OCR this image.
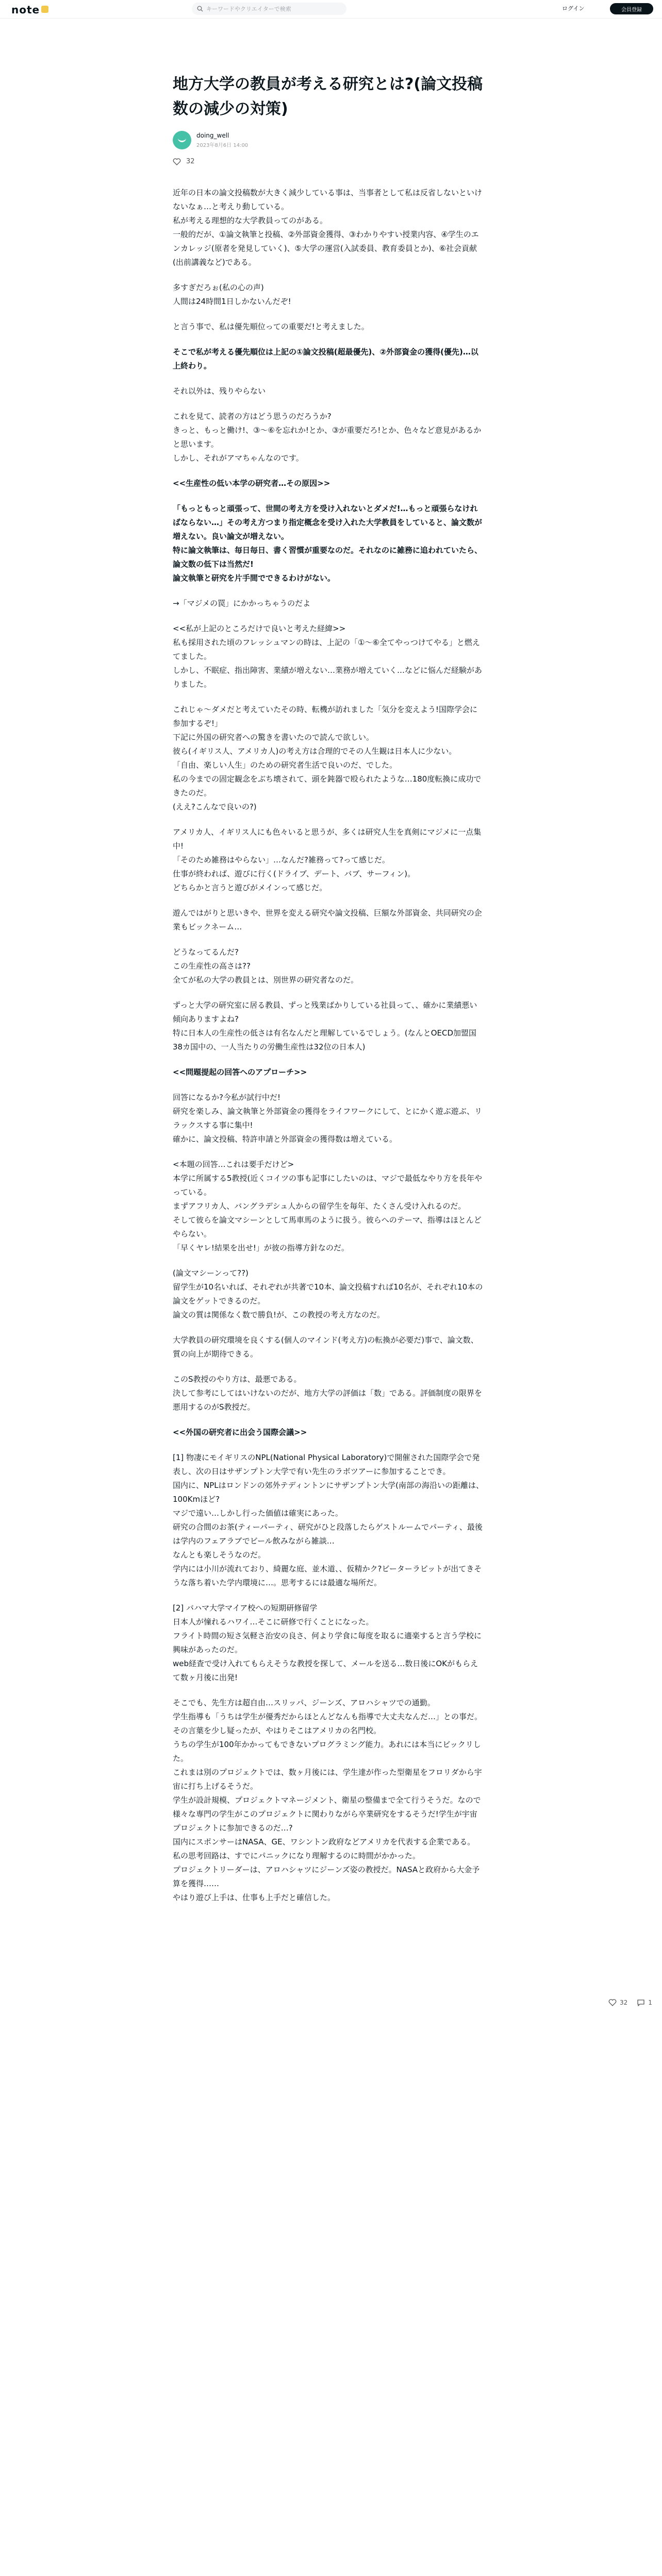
note	キーワードやクリエイターで検索	ログイン	会員登録
地方大学の教員が考える研究とは?(論文投稿数の減少の対策)
doing_well
2023年8月6日 14:00
32
近年の日本の論文投稿数が大きく減少している事は、当事者として私は反省しないといけないなぁ…と考えり動している。
私が考える理想的な大学教員ってのがある。
一般的だが、①論文執筆と投稿、②外部資金獲得、③わかりやすい授業内容、④学生のエンカレッジ(原者を発見していく)、⑤大学の運営(入試委員、教育委員とか)、⑥社会貢献(出前講義など)である。
多すぎだろぉ(私の心の声)
人間は24時間1日しかないんだぞ!
と言う事で、私は優先順位っての重要だ!と考えました。
そこで私が考える優先順位は上記の①論文投稿(超最優先)、②外部資金の獲得(優先)…以上終わり。
それ以外は、残りやらない
これを見て、読者の方はどう思うのだろうか?
きっと、もっと働け!、③〜⑥を忘れか!とか、③が重要だろ!とか、色々など意見があるかと思います。
しかし、それがアマちゃんなのです。
<<生産性の低い本学の研究者…その原因>>
「もっともっと頑張って、世間の考え方を受け入れないとダメだ!…もっと頑張らなければならない…」その考え方つまり指定概念を受け入れた大学教員をしていると、論文数が増えない。良い論文が増えない。
特に論文執筆は、毎日毎日、書く習慣が重要なのだ。それなのに雑務に追われていたら、論文数の低下は当然だ!
論文執筆と研究を片手間でできるわけがない。
→「マジメの罠」にかかっちゃうのだよ
<<私が上記のところだけで良いと考えた経緯>>
私も採用された頃のフレッシュマンの時は、上記の「①〜⑥全てやっつけてやる」と燃えてました。
しかし、不眠症、指出障害、業績が増えない…業務が増えていく…などに悩んだ経験がありました。
これじゃ〜ダメだと考えていたその時、転機が訪れました「気分を変えよう!国際学会に参加するぞ!」
下記に外国の研究者への驚きを書いたので読んで欲しい。
彼ら(イギリス人、アメリカ人)の考え方は合理的でその人生観は日本人に少ない。
「自由、楽しい人生」のための研究者生活で良いのだ、でした。
私の今までの固定観念をぶち壊されて、頭を鈍器で殴られたような…180度転換に成功できたのだ。
(ええ?こんなで良いの?)
アメリカ人、イギリス人にも色々いると思うが、多くは研究人生を真剣にマジメに一点集中!
「そのため雑務はやらない」…なんだ?雑務って?って感じだ。
仕事が終われば、遊びに行く(ドライブ、デート、バブ、サーフィン)。
どちらかと言うと遊びがメインって感じだ。
遊んではがりと思いきや、世界を変える研究や論文投稿、巨額な外部資金、共同研究の企業もビックネーム…
どうなってるんだ?
この生産性の高さは??
全てが私の大学の教員とは、別世界の研究者なのだ。
ずっと大学の研究室に居る教員、ずっと残業ばかりしている社員って、、確かに業績悪い傾向ありますよね?
特に日本人の生産性の低さは有名なんだと理解しているでしょう。(なんとOECD加盟国38カ国中の、一人当たりの労働生産性は32位の日本人)
<<問題提起の回答へのアプローチ>>
回答になるか?今私が試行中だ!
研究を楽しみ、論文執筆と外部資金の獲得をライフワークにして、とにかく遊ぶ遊ぶ、リラックスする事に集中!
確かに、論文投稿、特許申請と外部資金の獲得数は増えている。
<本題の回答…これは要手だけど>
本学に所属する5教授(近くコイツの事も記事にしたいのは、マジで最低なやり方を長年やっている。
まずアフリカ人、バングラデシュ人からの留学生を毎年、たくさん受け入れるのだ。
そして彼らを論文マシーンとして馬車馬のように扱う。彼らへのテーマ、指導はほとんどやらない。
「早くヤレ!結果を出せ!」が彼の指導方針なのだ。
(論文マシーンって??)
留学生が10名いれば、それぞれが共著で10本、論文投稿すれば10名が、それぞれ10本の論文をゲットできるのだ。
論文の質は関係なく数で勝負!が、この教授の考え方なのだ。
大学教員の研究環境を良くする(個人のマインド(考え方)の転換が必要だ)事で、論文数、質の向上が期待できる。
このS教授のやり方は、最悪である。
決して参考にしてはいけないのだが、地方大学の評価は「数」である。評価制度の限界を悪用するのがS教授だ。
<<外国の研究者に出会う国際会議>>
[1] 物凄にモイギリスのNPL(National Physical Laboratory)で開催された国際学会で発表し、次の日はサザンプトン大学で有い先生のラボツアーに参加することでき。
国内に、NPLはロンドンの郊外テディントンにサザンプトン大学(南部の海沿いの距離は、100Kmほど?
マジで遠い…しかし行った価値は確実にあった。
研究の合間のお茶(ティーパーティ、研究がひと段落したらゲストルームでパーティ、最後は学内のフェアラブでビール飲みながら雑談…
なんとも楽しそうなのだ。
学内には小川が流れており、綺麗な庭、並木道、、仮精かク?ビーターラビットが出てきそうな落ち着いた学内環境に…。思考するには最適な場所だ。
[2] バハマ大学マイア校への短期研修留学
日本人が憧れるハワイ…そこに研修で行くことになった。
フライト時間の短さ気軽さ治安の良さ、何より学食に毎度を取るに適楽すると言う学校に興味があったのだ。
web経査で受け入れてもらえそうな教授を探して、メールを送る…数日後にOKがもらえて数ヶ月後に出発!
そこでも、先生方は超自由…スリッパ、ジーンズ、アロハシャツでの通勤。
学生指導も「うちは学生が優秀だからほとんどなんも指導で大丈夫なんだ…」との事だ。
その言葉を少し疑ったが、やはりそこはアメリカの名門校。
うちの学生が100年かかってもできないプログラミング能力。あれには本当にビックリした。
これまは別のプロジェクトでは、数ヶ月後には、学生達が作った型衛星をフロリダから宇宙に打ち上げるそうだ。
学生が設計規模、プロジェクトマネージメント、衛星の整備まで全て行うそうだ。なので様々な専門の学生がこのプロジェクトに関わりながら卒業研究をするそうだ!学生が宇宙プロジェクトに参加できるのだ…?
国内にスポンサーはNASA、GE、ワシントン政府などアメリカを代表する企業である。
私の思考回路は、すでにパニックになり理解するのに時間がかかった。
プロジェクトリーダーは、アロハシャツにジーンズ姿の教授だ。NASAと政府から大金予算を獲得……
やはり遊び上手は、仕事も上手だと確信した。
32	1
